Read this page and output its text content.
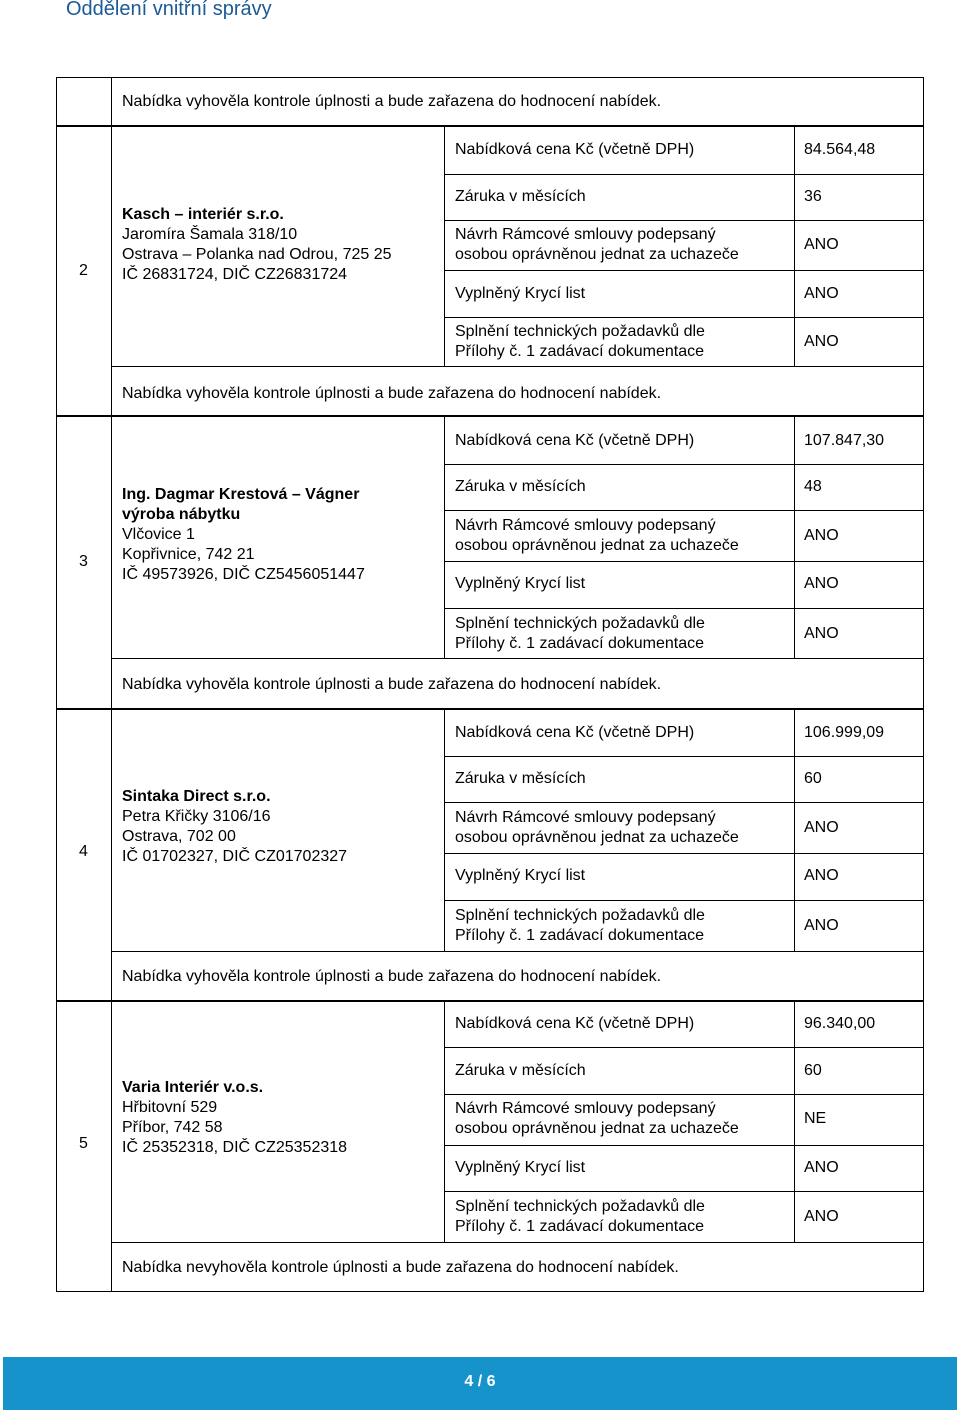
Oddělení vnitřní správy
Nabídka vyhověla kontrole úplnosti a bude zařazena do hodnocení nabídek.
2
Kasch – interiér s.r.o.
Jaromíra Šamala 318/10
Ostrava – Polanka nad Odrou, 725 25
IČ 26831724, DIČ CZ26831724
Nabídková cena Kč (včetně DPH)	84.564,48
Záruka v měsících	36
Návrh Rámcové smlouvy podepsaný
osobou oprávněnou jednat za uchazeče
ANO
Vyplněný Krycí list	ANO
Splnění technických požadavků dle
Přílohy č. 1 zadávací dokumentace
ANO
Nabídka vyhověla kontrole úplnosti a bude zařazena do hodnocení nabídek.
3
Ing. Dagmar Krestová – Vágner
výroba nábytku
Vlčovice 1
Kopřivnice, 742 21
IČ 49573926, DIČ CZ5456051447
Nabídková cena Kč (včetně DPH)	107.847,30
Záruka v měsících	48
Návrh Rámcové smlouvy podepsaný
osobou oprávněnou jednat za uchazeče
ANO
Vyplněný Krycí list	ANO
Splnění technických požadavků dle
Přílohy č. 1 zadávací dokumentace
ANO
Nabídka vyhověla kontrole úplnosti a bude zařazena do hodnocení nabídek.
4
Sintaka Direct s.r.o.
Petra Křičky 3106/16
Ostrava, 702 00
IČ 01702327, DIČ CZ01702327
Nabídková cena Kč (včetně DPH)	106.999,09
Záruka v měsících	60
Návrh Rámcové smlouvy podepsaný
osobou oprávněnou jednat za uchazeče
ANO
Vyplněný Krycí list	ANO
Splnění technických požadavků dle
Přílohy č. 1 zadávací dokumentace
ANO
Nabídka vyhověla kontrole úplnosti a bude zařazena do hodnocení nabídek.
5
Varia Interiér v.o.s.
Hřbitovní 529
Příbor, 742 58
IČ 25352318, DIČ CZ25352318
Nabídková cena Kč (včetně DPH)	96.340,00
Záruka v měsících	60
Návrh Rámcové smlouvy podepsaný
osobou oprávněnou jednat za uchazeče
NE
Vyplněný Krycí list	ANO
Splnění technických požadavků dle
Přílohy č. 1 zadávací dokumentace
ANO
Nabídka nevyhověla kontrole úplnosti a bude zařazena do hodnocení nabídek.
4 / 6
